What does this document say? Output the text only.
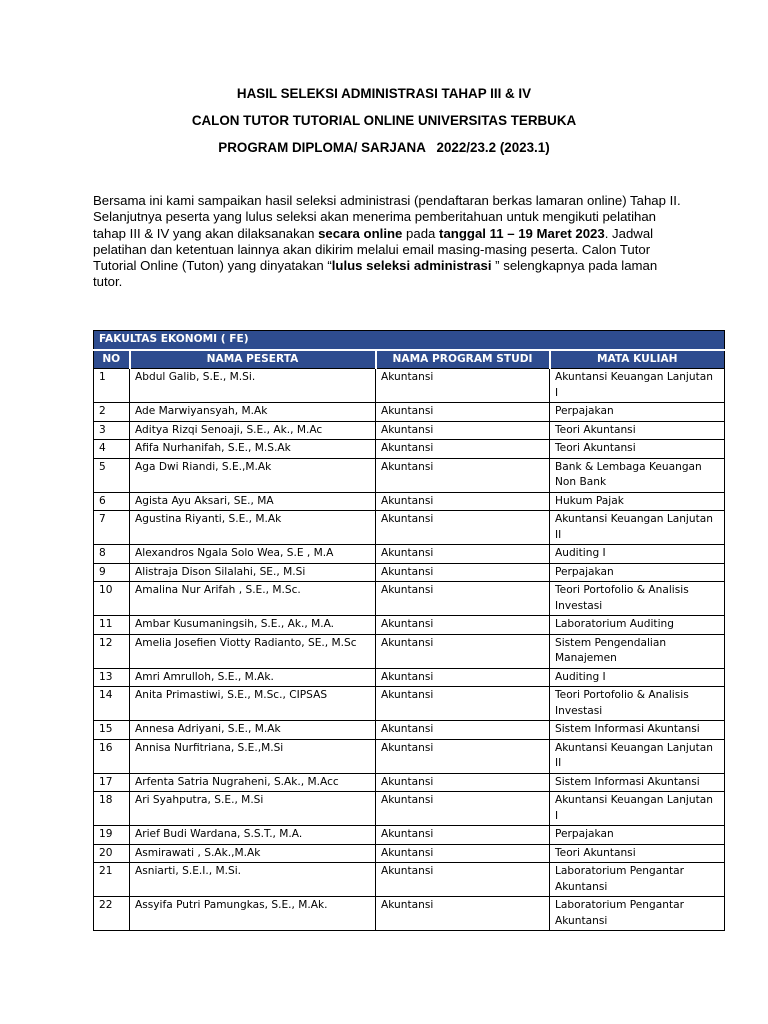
HASIL SELEKSI ADMINISTRASI TAHAP III & IV
CALON TUTOR TUTORIAL ONLINE UNIVERSITAS TERBUKA
PROGRAM DIPLOMA/ SARJANA   2022/23.2 (2023.1)
Bersama ini kami sampaikan hasil seleksi administrasi (pendaftaran berkas lamaran online) Tahap II. Selanjutnya peserta yang lulus seleksi akan menerima pemberitahuan untuk mengikuti pelatihan tahap III & IV yang akan dilaksanakan secara online pada tanggal 11 – 19 Maret 2023. Jadwal pelatihan dan ketentuan lainnya akan dikirim melalui email masing-masing peserta. Calon Tutor Tutorial Online (Tuton) yang dinyatakan “lulus seleksi administrasi ” selengkapnya pada laman tutor.
FAKULTAS EKONOMI ( FE)			
NO	NAMA PESERTA	NAMA PROGRAM STUDI	MATA KULIAH
1	Abdul Galib, S.E., M.Si.	Akuntansi	Akuntansi Keuangan Lanjutan I
2	Ade Marwiyansyah, M.Ak	Akuntansi	Perpajakan
3	Aditya Rizqi Senoaji, S.E., Ak., M.Ac	Akuntansi	Teori Akuntansi
4	Afifa Nurhanifah, S.E., M.S.Ak	Akuntansi	Teori Akuntansi
5	Aga Dwi Riandi, S.E.,M.Ak	Akuntansi	Bank & Lembaga Keuangan Non Bank
6	Agista Ayu Aksari, SE., MA	Akuntansi	Hukum Pajak
7	Agustina Riyanti, S.E., M.Ak	Akuntansi	Akuntansi Keuangan Lanjutan II
8	Alexandros Ngala Solo Wea, S.E , M.A	Akuntansi	Auditing I
9	Alistraja Dison Silalahi, SE., M.Si	Akuntansi	Perpajakan
10	Amalina Nur Arifah , S.E., M.Sc.	Akuntansi	Teori Portofolio & Analisis Investasi
11	Ambar Kusumaningsih, S.E., Ak., M.A.	Akuntansi	Laboratorium Auditing
12	Amelia Josefien Viotty Radianto, SE., M.Sc	Akuntansi	Sistem Pengendalian Manajemen
13	Amri Amrulloh, S.E., M.Ak.	Akuntansi	Auditing I
14	Anita Primastiwi, S.E., M.Sc., CIPSAS	Akuntansi	Teori Portofolio & Analisis Investasi
15	Annesa Adriyani, S.E., M.Ak	Akuntansi	Sistem Informasi Akuntansi
16	Annisa Nurfitriana, S.E.,M.Si	Akuntansi	Akuntansi Keuangan Lanjutan II
17	Arfenta Satria Nugraheni, S.Ak., M.Acc	Akuntansi	Sistem Informasi Akuntansi
18	Ari Syahputra, S.E., M.Si	Akuntansi	Akuntansi Keuangan Lanjutan I
19	Arief Budi Wardana, S.S.T., M.A.	Akuntansi	Perpajakan
20	Asmirawati , S.Ak.,M.Ak	Akuntansi	Teori Akuntansi
21	Asniarti, S.E.I., M.Si.	Akuntansi	Laboratorium Pengantar Akuntansi
22	Assyifa Putri Pamungkas, S.E., M.Ak.	Akuntansi	Laboratorium Pengantar Akuntansi
